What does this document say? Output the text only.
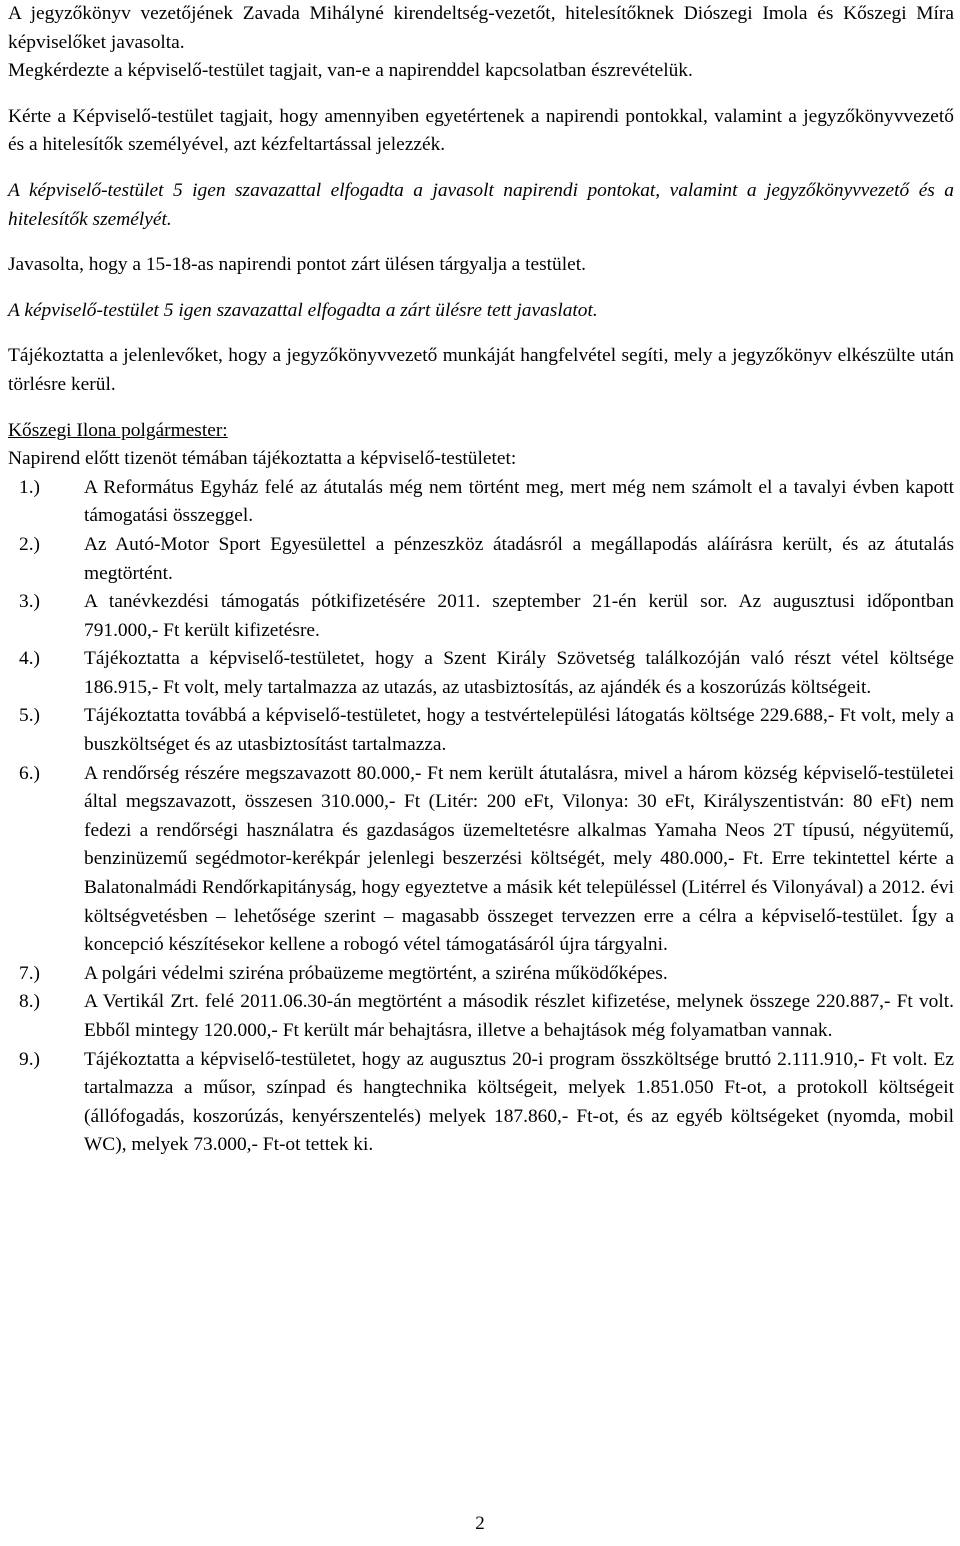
A jegyzőkönyv vezetőjének Zavada Mihályné kirendeltség-vezetőt, hitelesítőknek Diószegi Imola és Kőszegi Míra képviselőket javasolta.

Megkérdezte a képviselő-testület tagjait, van-e a napirenddel kapcsolatban észrevételük.

Kérte a Képviselő-testület tagjait, hogy amennyiben egyetértenek a napirendi pontokkal, valamint a jegyzőkönyvvezető és a hitelesítők személyével, azt kézfeltartással jelezzék.

A képviselő-testület 5 igen szavazattal elfogadta a javasolt napirendi pontokat, valamint a jegyzőkönyvvezető és a hitelesítők személyét.

Javasolta, hogy a 15-18-as napirendi pontot zárt ülésen tárgyalja a testület.

A képviselő-testület 5 igen szavazattal elfogadta a zárt ülésre tett javaslatot.

Tájékoztatta a jelenlevőket, hogy a jegyzőkönyvvezető munkáját hangfelvétel segíti, mely a jegyzőkönyv elkészülte után törlésre kerül.

Kőszegi Ilona polgármester:

Napirend előtt tizenöt témában tájékoztatta a képviselő-testületet:

1.)	A Református Egyház felé az átutalás még nem történt meg, mert még nem számolt el a tavalyi évben kapott támogatási összeggel.
2.)	Az Autó-Motor Sport Egyesülettel a pénzeszköz átadásról a megállapodás aláírásra került, és az átutalás megtörtént.
3.)	A tanévkezdési támogatás pótkifizetésére 2011. szeptember 21-én kerül sor. Az augusztusi időpontban 791.000,- Ft került kifizetésre.
4.)	Tájékoztatta a képviselő-testületet, hogy a Szent Király Szövetség találkozóján való részt vétel költsége 186.915,- Ft volt, mely tartalmazza az utazás, az utasbiztosítás, az ajándék és a koszorúzás költségeit.
5.)	Tájékoztatta továbbá a képviselő-testületet, hogy a testvértelepülési látogatás költsége 229.688,- Ft volt, mely a buszköltséget és az utasbiztosítást tartalmazza.
6.)	A rendőrség részére megszavazott 80.000,- Ft nem került átutalásra, mivel a három község képviselő-testületei által megszavazott, összesen 310.000,- Ft (Litér: 200 eFt, Vilonya: 30 eFt, Királyszentistván: 80 eFt) nem fedezi a rendőrségi használatra és gazdaságos üzemeltetésre alkalmas Yamaha Neos 2T típusú, négyütemű, benzinüzemű segédmotor-kerékpár jelenlegi beszerzési költségét, mely 480.000,- Ft. Erre tekintettel kérte a Balatonalmádi Rendőrkapitányság, hogy egyeztetve a másik két településsel (Litérrel és Vilonyával) a 2012. évi költségvetésben – lehetősége szerint – magasabb összeget tervezzen erre a célra a képviselő-testület. Így a koncepció készítésekor kellene a robogó vétel támogatásáról újra tárgyalni.
7.)	A polgári védelmi sziréna próbaüzeme megtörtént, a sziréna működőképes.
8.)	A Vertikál Zrt. felé 2011.06.30-án megtörtént a második részlet kifizetése, melynek összege 220.887,- Ft volt. Ebből mintegy 120.000,- Ft került már behajtásra, illetve a behajtások még folyamatban vannak.
9.)	Tájékoztatta a képviselő-testületet, hogy az augusztus 20-i program összköltsége bruttó 2.111.910,- Ft volt. Ez tartalmazza a műsor, színpad és hangtechnika költségeit, melyek 1.851.050 Ft-ot, a protokoll költségeit (állófogadás, koszorúzás, kenyérszentelés) melyek 187.860,- Ft-ot, és az egyéb költségeket (nyomda, mobil WC), melyek 73.000,- Ft-ot tettek ki.
2
